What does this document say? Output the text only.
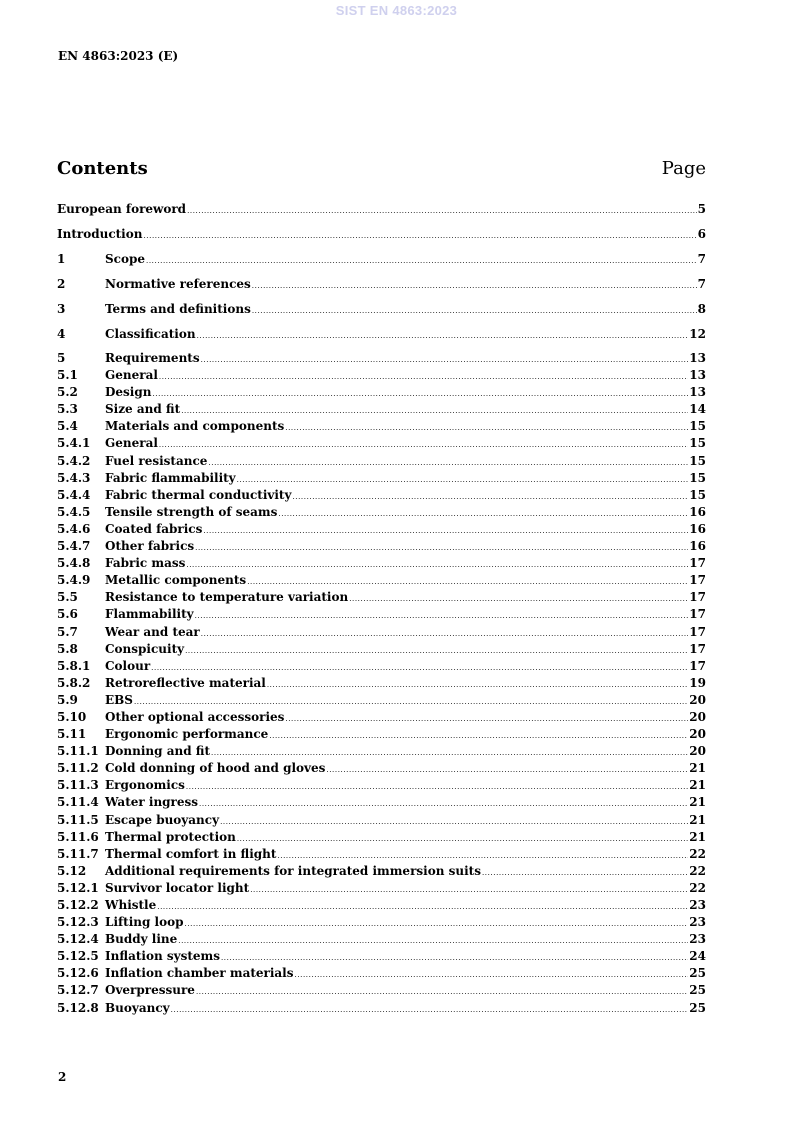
SIST EN 4863:2023
EN 4863:2023 (E)
Contents	Page
European foreword .....	5
Introduction .....	6
1	Scope .....	7
2	Normative references .....	7
3	Terms and definitions .....	8
4	Classification .....	12
5	Requirements .....	13
5.1	General .....	13
5.2	Design .....	13
5.3	Size and fit .....	14
5.4	Materials and components .....	15
5.4.1	General .....	15
5.4.2	Fuel resistance .....	15
5.4.3	Fabric flammability .....	15
5.4.4	Fabric thermal conductivity .....	15
5.4.5	Tensile strength of seams .....	16
5.4.6	Coated fabrics .....	16
5.4.7	Other fabrics .....	16
5.4.8	Fabric mass .....	17
5.4.9	Metallic components .....	17
5.5	Resistance to temperature variation .....	17
5.6	Flammability .....	17
5.7	Wear and tear .....	17
5.8	Conspicuity .....	17
5.8.1	Colour .....	17
5.8.2	Retroreflective material .....	19
5.9	EBS .....	20
5.10	Other optional accessories .....	20
5.11	Ergonomic performance .....	20
5.11.1 Donning and fit .....	20
5.11.2 Cold donning of hood and gloves .....	21
5.11.3 Ergonomics .....	21
5.11.4 Water ingress .....	21
5.11.5 Escape buoyancy .....	21
5.11.6 Thermal protection .....	21
5.11.7 Thermal comfort in flight .....	22
5.12	Additional requirements for integrated immersion suits .....	22
5.12.1 Survivor locator light .....	22
5.12.2 Whistle .....	23
5.12.3 Lifting loop .....	23
5.12.4 Buddy line .....	23
5.12.5 Inflation systems .....	24
5.12.6 Inflation chamber materials .....	25
5.12.7 Overpressure .....	25
5.12.8 Buoyancy .....	25
2
